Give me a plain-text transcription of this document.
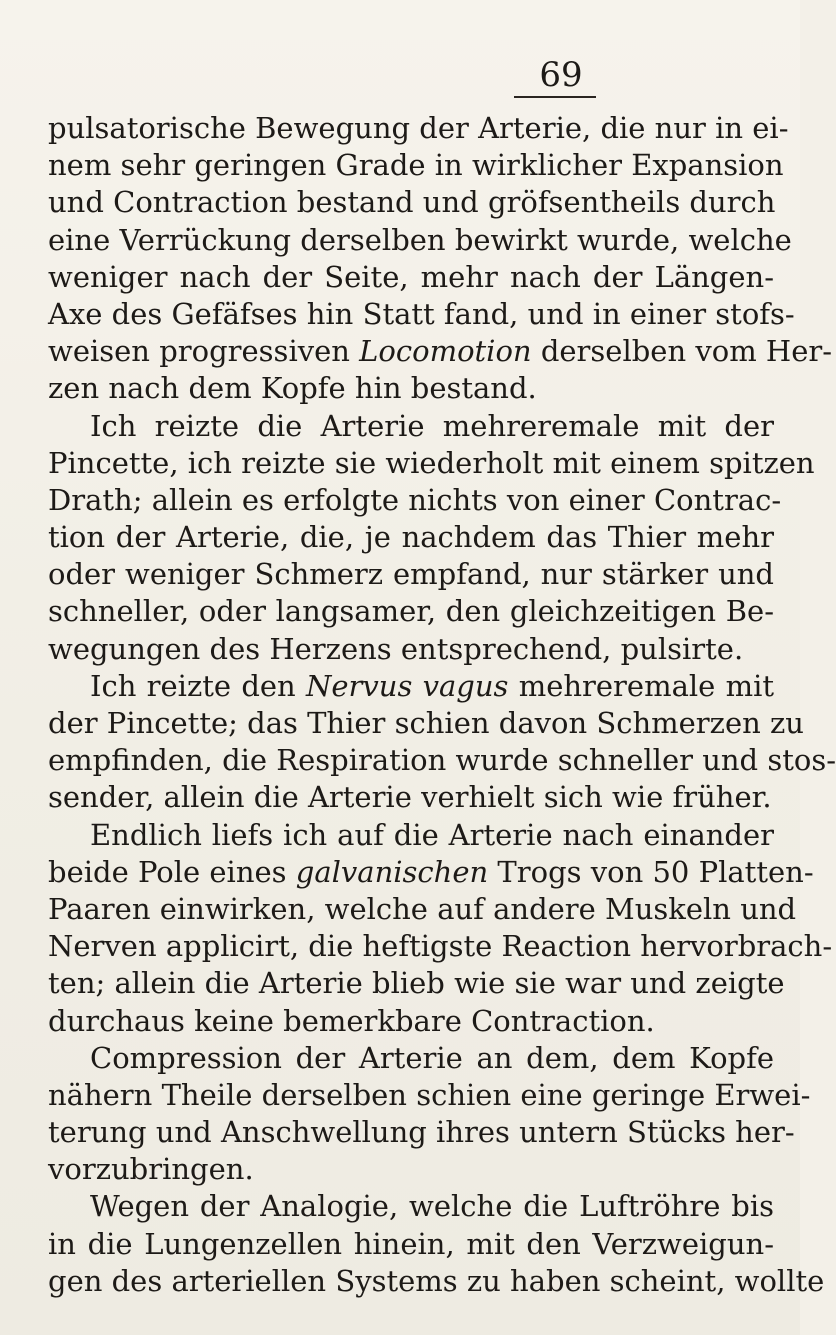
69
pulsatorische Bewegung der Arterie, die nur in ei-
nem sehr geringen Grade in wirklicher Expansion
und Contraction bestand und gröfsentheils durch
eine Verrückung derselben bewirkt wurde, welche
weniger nach der Seite, mehr nach der Längen-
Axe des Gefäfses hin Statt fand, und in einer stofs-
weisen progressiven Locomotion derselben vom Her-
zen nach dem Kopfe hin bestand.
Ich reizte die Arterie mehreremale mit der
Pincette, ich reizte sie wiederholt mit einem spitzen
Drath; allein es erfolgte nichts von einer Contrac-
tion der Arterie, die, je nachdem das Thier mehr
oder weniger Schmerz empfand, nur stärker und
schneller, oder langsamer, den gleichzeitigen Be-
wegungen des Herzens entsprechend, pulsirte.
Ich reizte den Nervus vagus mehreremale mit
der Pincette; das Thier schien davon Schmerzen zu
empfinden, die Respiration wurde schneller und stos-
sender, allein die Arterie verhielt sich wie früher.
Endlich liefs ich auf die Arterie nach einander
beide Pole eines galvanischen Trogs von 50 Platten-
Paaren einwirken, welche auf andere Muskeln und
Nerven applicirt, die heftigste Reaction hervorbrach-
ten; allein die Arterie blieb wie sie war und zeigte
durchaus keine bemerkbare Contraction.
Compression der Arterie an dem, dem Kopfe
nähern Theile derselben schien eine geringe Erwei-
terung und Anschwellung ihres untern Stücks her-
vorzubringen.
Wegen der Analogie, welche die Luftröhre bis
in die Lungenzellen hinein, mit den Verzweigun-
gen des arteriellen Systems zu haben scheint, wollte
